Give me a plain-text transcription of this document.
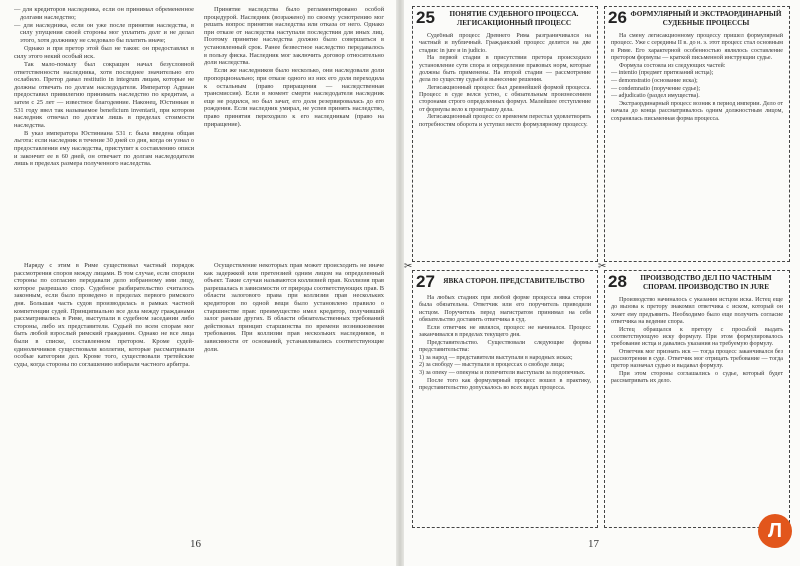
— для кредиторов наследника, если он принимал обремененное долгами наследство;

— для наследника, если он уже после принятия наследства, в силу упущения своей стороны мог уплатить долг и не делал этого, хотя должнику не следовало бы платить иначе;

Однако и при претор этой был не таков: он предоставлял в силу этого некий особый иск.

Так мало-помалу был сокращен начал безусловной ответственности наследника, хотя последнее значительно его ослабило. Претор давал restitutio in integrum лицам, которые не должны отвечать по долгам наследодателя. Император Адриан предоставил привилегию принимать наследство по кредитам, а затем с 25 лет — известное благодеяние. Наконец, Юстиниан в 531 году ввел так называемое beneficium inventarii, при котором наследник отвечал по долгам лишь в пределах стоимости наследства.

В указ императора Юстиниана 531 г. была введена общая льгота: если наследник в течение 30 дней со дня, когда он узнал о предоставлении ему наследства, приступит к составлению описи и закончит ее в 60 дней, он отвечает по долгам наследодателя лишь в пределах размера полученного наследства.

Принятие наследства было регламентировано особой процедурой. Наследник (возражено) по своему усмотрению мог решать вопрос принятия наследства или отказа от него. Однако при отказе от наследства наступали последствия для иных лиц. Поэтому принятие наследства должно было совершаться в установленный срок. Ранее безвестное наследство передавалось в пользу фиска. Наследник мог заключить договор относительно доли наследства.

Если же наследников было несколько, они наследовали доли пропорционально; при отказе одного из них его доля переходила к остальным (право приращения — наследственная трансмиссия). Если в момент смерти наследодателя наследник еще не родился, но был зачат, его доля резервировалась до его рождения. Если наследник умирал, не успев принять наследство, право принятия переходило к его наследникам (право на приращение).

Наряду с этим в Риме существовал частный порядок рассмотрения споров между лицами. В том случае, если спорили стороны по согласию передавали дело избранному ими лицу, которое разрешало спор. Судебное разбирательство считалось законным, если было проведено в пределах первого римского дня. Большая часть судов производилась в рамках частной компетенции судей. Принципиально все дела между гражданами рассматривались в Риме, выступали в судебном заседании либо стороны, либо их представители. Судьей по всем спорам мог быть любой взрослый римский гражданин. Однако не все лица были в списке, составленном претором. Кроме судей-единоличников существовали коллегии, которые рассматривали особые категории дел. Кроме того, существовали третейские суды, когда стороны по соглашению избирали частного арбитра.

Осуществление некоторых прав может происходить не иначе как задержкой или претензией одним лицом на определенный объект. Такие случаи называются коллизией прав. Коллизия прав разрешалась в зависимости от природы соответствующих прав. В области залогового права при коллизии прав нескольких кредиторов по одной вещи было установлено правило о старшинстве прав: преимущество имел кредитор, получивший залог раньше других. В области обязательственных требований действовал принцип старшинства по времени возникновения требования. При коллизии прав нескольких наследников, в зависимости от оснований, устанавливались соответствующие доли.

16
25	ПОНЯТИЕ СУДЕБНОГО ПРОЦЕССА. ЛЕГИСАКЦИОННЫЙ ПРОЦЕСС

Судебный процесс Древнего Рима разграничивался на частный и публичный. Гражданский процесс делится на две стадии: in jure и in judicio.

На первой стадии в присутствии претора происходило установление сути спора и определение правовых норм, которые должны быть применены. На второй стадии — рассмотрение дела по существу судьей и вынесение решения.

Легисакционный процесс был древнейшей формой процесса. Процесс в суде велся устно, с обязательным произнесением сторонами строго определенных формул. Малейшее отступление от формулы вело к проигрышу дела.

Легисакционный процесс со временем перестал удовлетворять потребностям оборота и уступил место формулярному процессу.

26 ФОРМУЛЯРНЫЙ И ЭКСТРАОРДИНАРНЫЙ СУДЕБНЫЕ ПРОЦЕССЫ

На смену легисакционному процессу пришел формулярный процесс. Уже с середины II в. до н. э. этот процесс стал основным в Риме. Его характерной особенностью являлось составление претором формулы — краткой письменной инструкции судье.

Формула состояла из следующих частей:

— intentio (предмет притязаний истца);

— demonstratio (основание иска);

— condemnatio (поручение судье);

— adjudicatio (раздел имущества).

Экстраординарный процесс возник в период империи. Дело от начала до конца рассматривалось одним должностным лицом, сохранялась письменная форма процесса.

27	ЯВКА СТОРОН. ПРЕДСТАВИТЕЛЬСТВО

На любых стадиях при любой форме процесса явка сторон была обязательна. Ответчик или его поручитель приводили истцом. Поручитель перед магистратом принимал на себя обязательство доставить ответчика в суд.

Если ответчик не являлся, процесс не начинался. Процесс заканчивался в пределах текущего дня.

Представительство. Существовали следующие формы представительства:

1) за народ — представители выступали в народных исках;

2) за свободу — выступали в процессах о свободе лица;

3) за опеку — опекуны и попечители выступали за подопечных.

После того как формулярный процесс вошел в практику, представительство допускалось во всех видах процесса.

28	ПРОИЗВОДСТВО ДЕЛ ПО ЧАСТНЫМ СПОРАМ. ПРОИЗВОДСТВО IN JURE

Производство начиналось с указания истцом иска. Истец еще до вызова к претору знакомил ответчика с иском, который он хочет ему предъявить. Необходимо было еще получить согласие ответчика на ведение спора.

Истец обращался к претору с просьбой выдать соответствующую иску формулу. При этом формулировалось требование истца и давались указания на требуемую формулу.

Ответчик мог признать иск — тогда процесс заканчивался без рассмотрения в суде. Ответчик мог отрицать требование — тогда претор назначал судью и выдавал формулу.

При этом стороны соглашались о судье, который будет рассматривать их дело.

✂
✂
17
Л
